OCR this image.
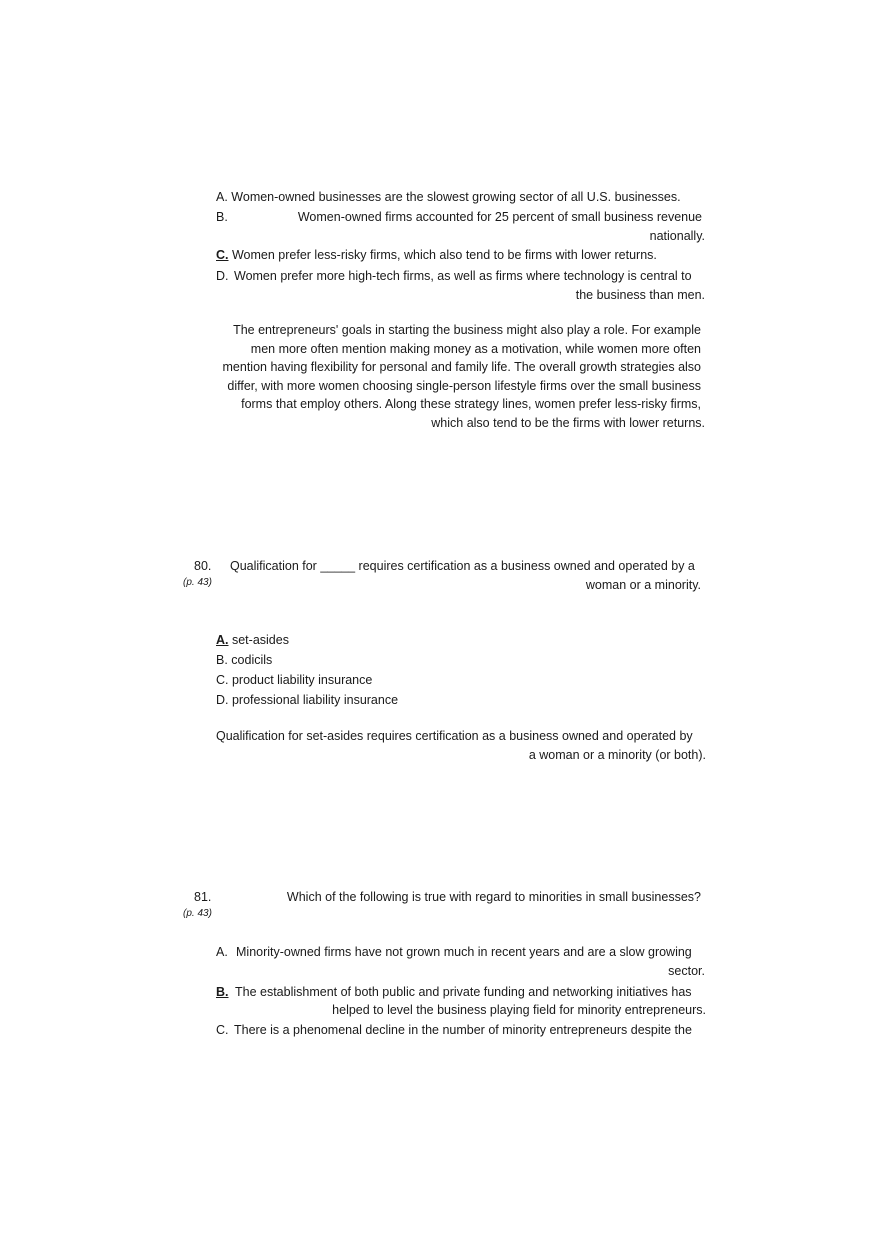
A. Women-owned businesses are the slowest growing sector of all U.S. businesses.
B.	Women-owned firms accounted for 25 percent of small business revenue
nationally.
C. Women prefer less-risky firms, which also tend to be firms with lower returns.
D. Women prefer more high-tech firms, as well as firms where technology is central to
the business than men.
The entrepreneurs' goals in starting the business might also play a role. For example
men more often mention making money as a motivation, while women more often
mention having flexibility for personal and family life. The overall growth strategies also
differ, with more women choosing single-person lifestyle firms over the small business
forms that employ others. Along these strategy lines, women prefer less-risky firms,
which also tend to be the firms with lower returns.
80.
(p. 43)
Qualification for _____ requires certification as a business owned and operated by a
woman or a minority.
A. set-asides
B. codicils
C. product liability insurance
D. professional liability insurance
Qualification for set-asides requires certification as a business owned and operated by
a woman or a minority (or both).
81.
(p. 43)
Which of the following is true with regard to minorities in small businesses?
A. Minority-owned firms have not grown much in recent years and are a slow growing
sector.
B. The establishment of both public and private funding and networking initiatives has
helped to level the business playing field for minority entrepreneurs.
C. There is a phenomenal decline in the number of minority entrepreneurs despite the
